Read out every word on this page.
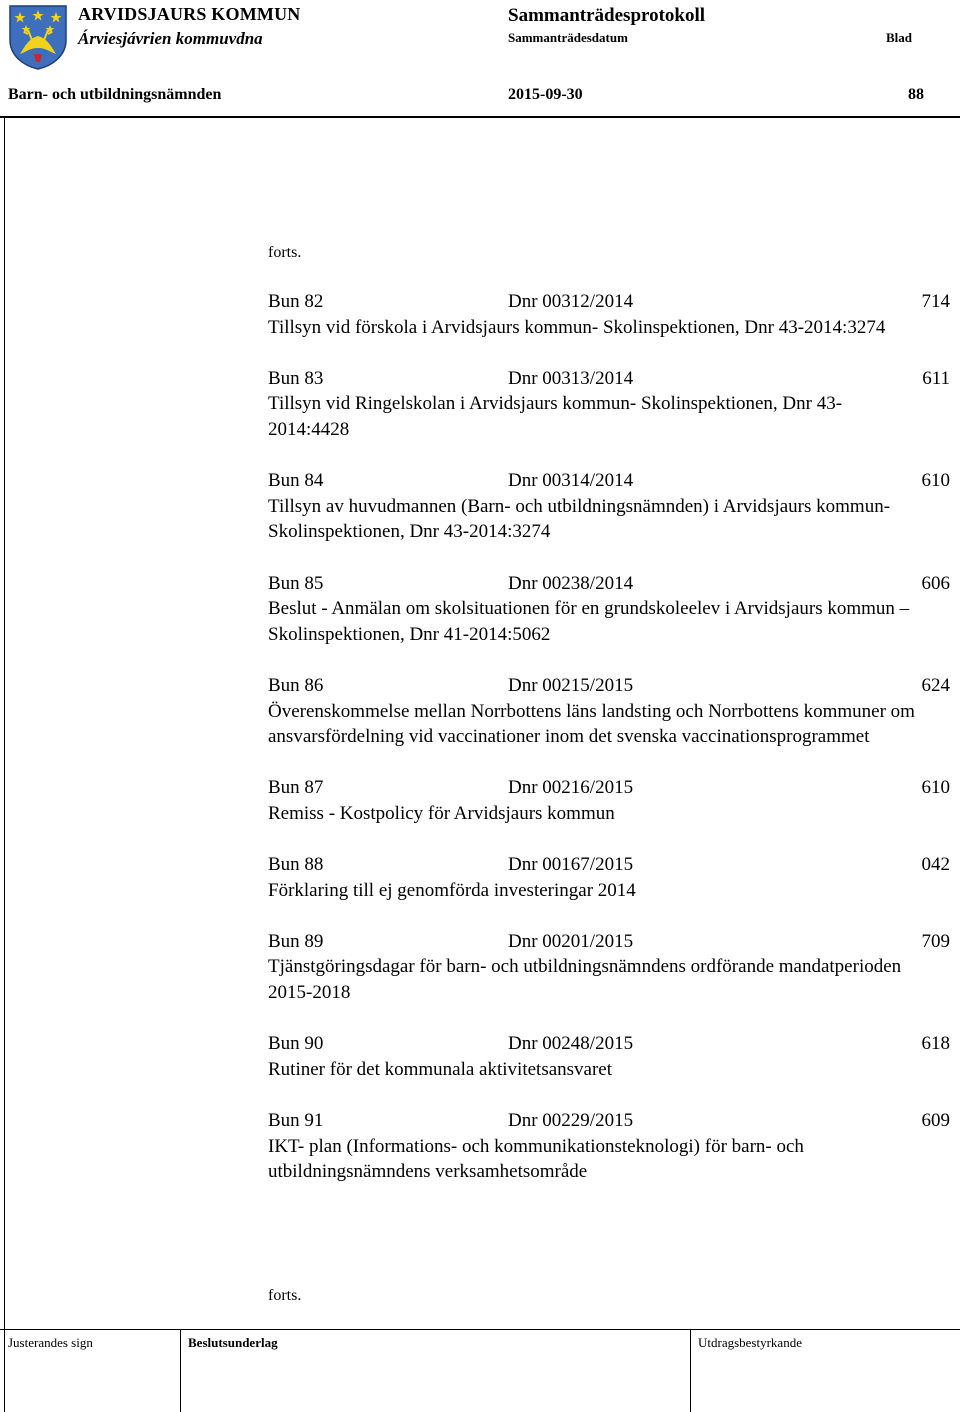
ARVIDSJAURS KOMMUN
Árviesjávrien kommuvdna
Sammanträdesprotokoll
Sammanträdesdatum	Blad
Barn- och utbildningsnämnden	2015-09-30	88
forts.
Bun 82	Dnr 00312/2014	714
Tillsyn vid förskola i Arvidsjaurs kommun- Skolinspektionen, Dnr 43-2014:3274
Bun 83	Dnr 00313/2014	611
Tillsyn vid Ringelskolan i Arvidsjaurs kommun- Skolinspektionen, Dnr 43-2014:4428
Bun 84	Dnr 00314/2014	610
Tillsyn av huvudmannen (Barn- och utbildningsnämnden) i Arvidsjaurs kommun- Skolinspektionen, Dnr 43-2014:3274
Bun 85	Dnr 00238/2014	606
Beslut - Anmälan om skolsituationen för en grundskoleelev i Arvidsjaurs kommun – Skolinspektionen, Dnr 41-2014:5062
Bun 86	Dnr 00215/2015	624
Överenskommelse mellan Norrbottens läns landsting och Norrbottens kommuner om ansvarsfördelning vid vaccinationer inom det svenska vaccinationsprogrammet
Bun 87	Dnr 00216/2015	610
Remiss - Kostpolicy för Arvidsjaurs kommun
Bun 88	Dnr 00167/2015	042
Förklaring till ej genomförda investeringar 2014
Bun 89	Dnr 00201/2015	709
Tjänstgöringsdagar för barn- och utbildningsnämndens ordförande mandatperioden 2015-2018
Bun 90	Dnr 00248/2015	618
Rutiner för det kommunala aktivitetsansvaret
Bun 91	Dnr 00229/2015	609
IKT- plan (Informations- och kommunikationsteknologi) för barn- och utbildningsnämndens verksamhetsområde
forts.
Justerandes sign	Beslutsunderlag	Utdragsbestyrkande
